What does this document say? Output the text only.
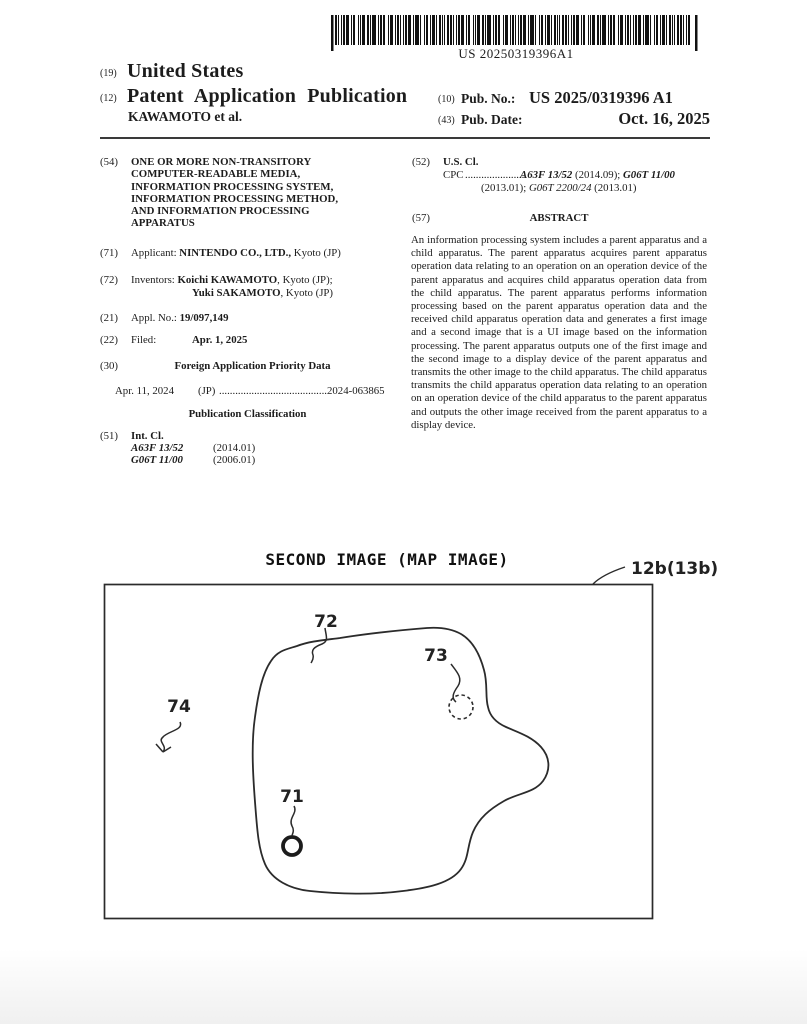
US 20250319396A1
(19) United States
(12) Patent Application Publication
KAWAMOTO et al.
(10) Pub. No.: US 2025/0319396 A1
(43) Pub. Date:	Oct. 16, 2025
(54) ONE OR MORE NON-TRANSITORY
COMPUTER-READABLE MEDIA,
INFORMATION PROCESSING SYSTEM,
INFORMATION PROCESSING METHOD,
AND INFORMATION PROCESSING
APPARATUS
(71) Applicant: NINTENDO CO., LTD., Kyoto (JP)
(72) Inventors: Koichi KAWAMOTO, Kyoto (JP);
Yuki SAKAMOTO, Kyoto (JP)
(21) Appl. No.: 19/097,149
(22) Filed:	Apr. 1, 2025
(30)	Foreign Application Priority Data
Apr. 11, 2024 (JP) ........................................ 2024-063865
Publication Classification
(51) Int. Cl.
A63F 13/52	(2014.01)
G06T 11/00	(2006.01)
(52) U.S. Cl.
CPC .......................
A63F 13/52 (2014.09); G06T 11/00
(2013.01); G06T 2200/24 (2013.01)
(57)	ABSTRACT
An information processing system includes a parent apparatus and a child apparatus. The parent apparatus acquires parent apparatus operation data relating to an operation on an operation device of the parent apparatus and acquires child apparatus operation data from the child apparatus. The parent apparatus performs information processing based on the parent apparatus operation data and the received child apparatus operation data and generates a first image and a second image that is a UI image based on the information processing. The parent apparatus outputs one of the first image and the second image to a display device of the parent apparatus and transmits the other image to the child apparatus. The child apparatus transmits the child apparatus operation data relating to an operation on an operation device of the child apparatus to the parent apparatus and outputs the other image received from the parent apparatus to a display device.
SECOND IMAGE (MAP IMAGE)	12b(13b)
72
73
74
71
